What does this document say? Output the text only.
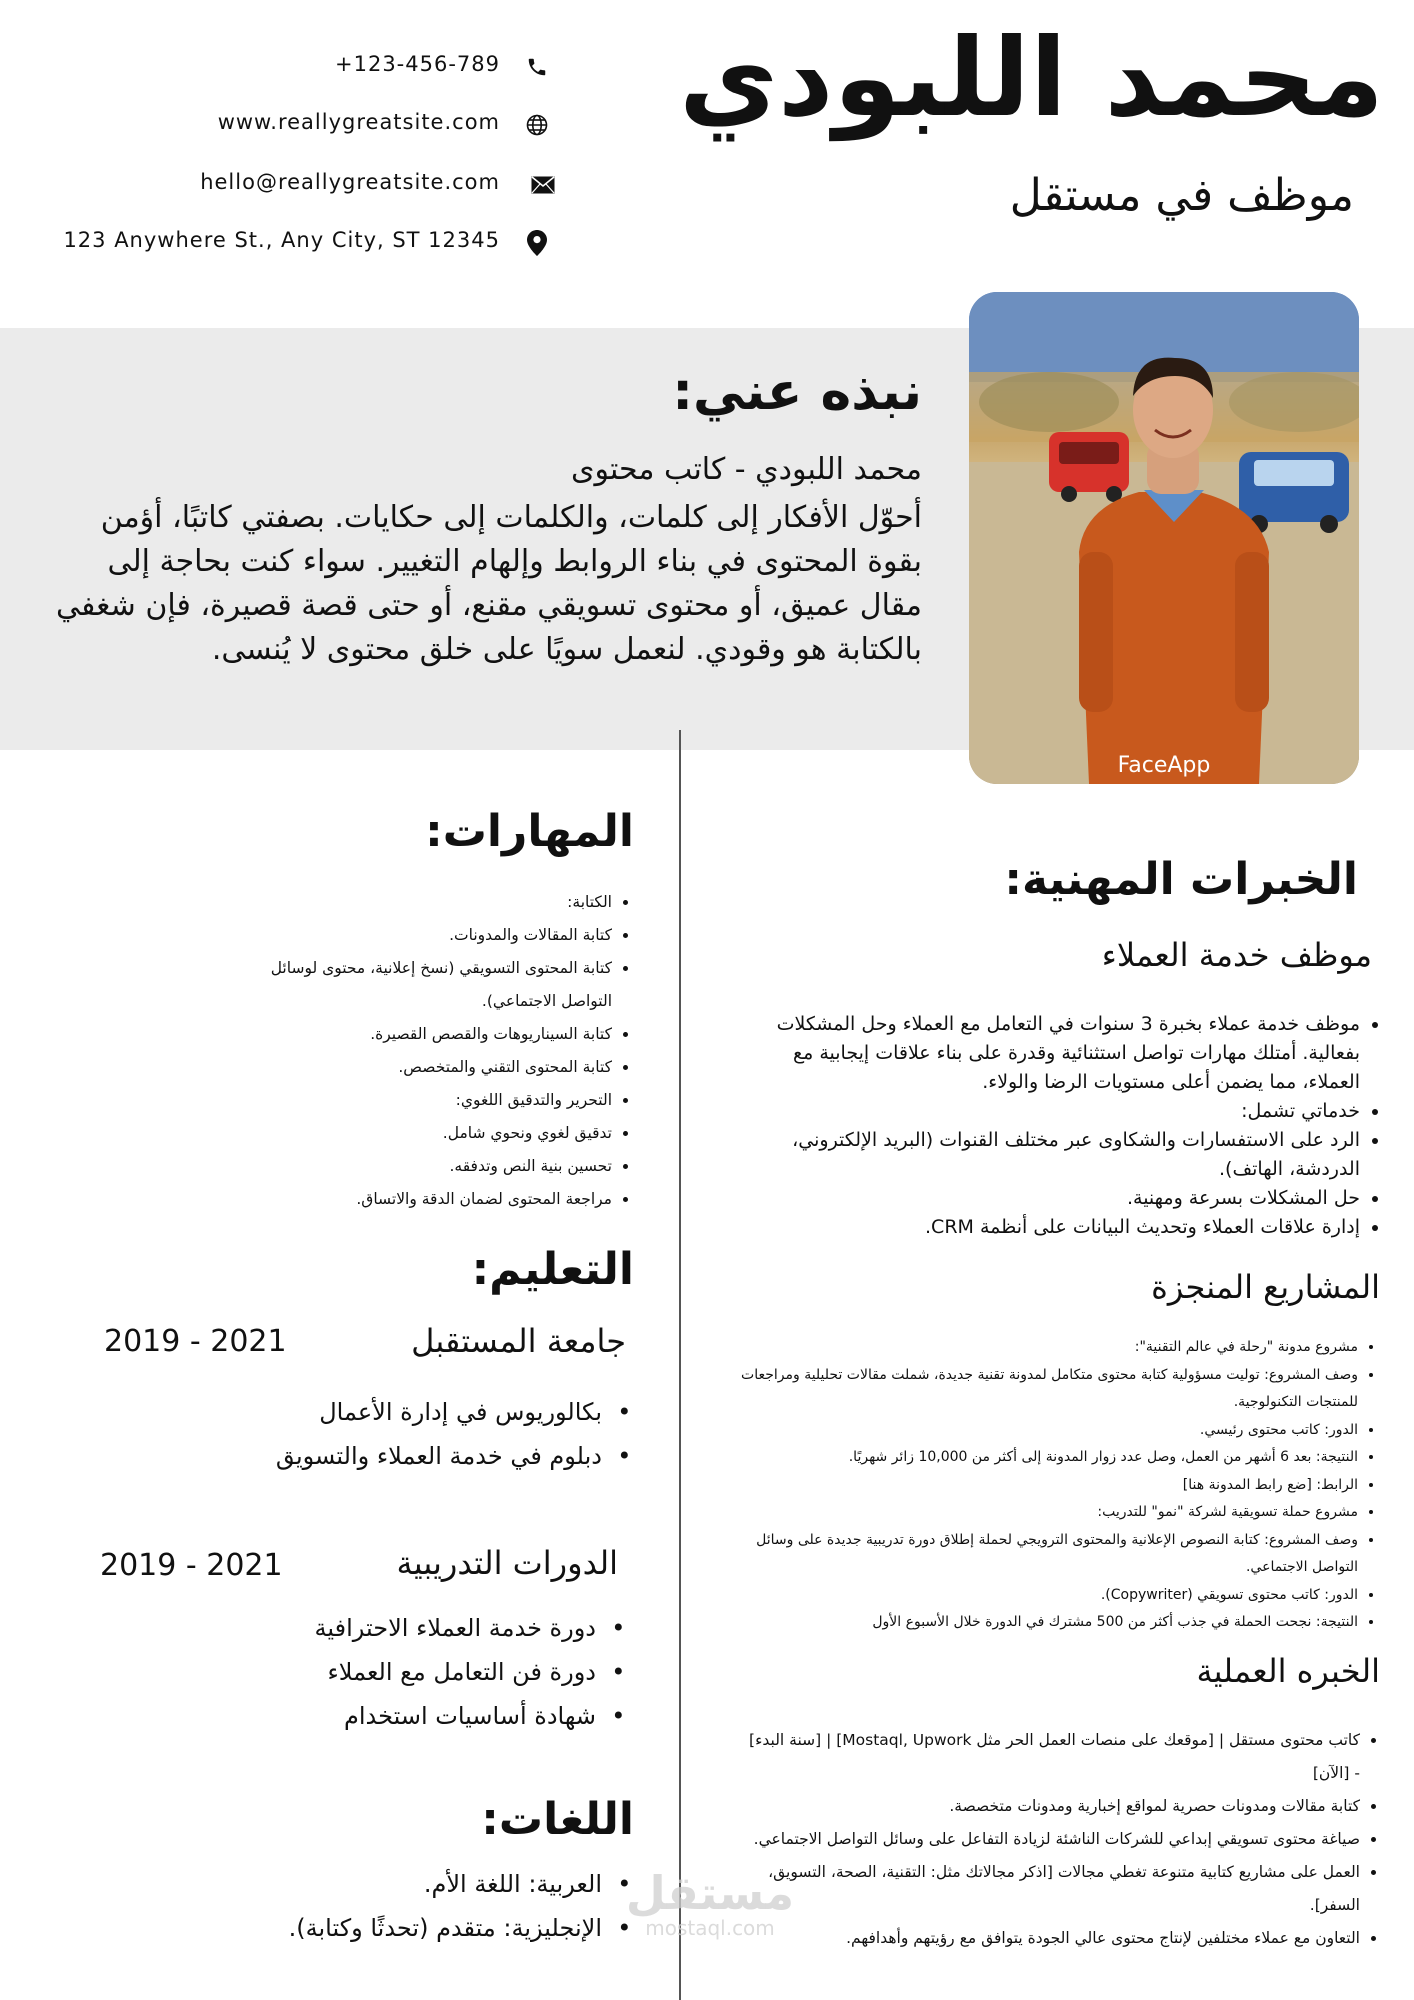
محمد اللبودي
موظف في مستقل
+123-456-789
www.reallygreatsite.com
hello@reallygreatsite.com
123 Anywhere St., Any City, ST 12345
FaceApp
نبذه عني:
محمد اللبودي - كاتب محتوى
أحوّل الأفكار إلى كلمات، والكلمات إلى حكايات. بصفتي كاتبًا، أؤمن بقوة المحتوى في بناء الروابط وإلهام التغيير. سواء كنت بحاجة إلى مقال عميق، أو محتوى تسويقي مقنع، أو حتى قصة قصيرة، فإن شغفي بالكتابة هو وقودي. لنعمل سويًا على خلق محتوى لا يُنسى.
المهارات:
• الكتابة:
• كتابة المقالات والمدونات.
• كتابة المحتوى التسويقي (نسخ إعلانية، محتوى لوسائل التواصل الاجتماعي).
• كتابة السيناريوهات والقصص القصيرة.
• كتابة المحتوى التقني والمتخصص.
• التحرير والتدقيق اللغوي:
• تدقيق لغوي ونحوي شامل.
• تحسين بنية النص وتدفقه.
• مراجعة المحتوى لضمان الدقة والاتساق.
التعليم:
جامعة المستقبل
2019 - 2021
• بكالوريوس في إدارة الأعمال
• دبلوم في خدمة العملاء والتسويق
الدورات التدريبية
2019 - 2021
• دورة خدمة العملاء الاحترافية
• دورة فن التعامل مع العملاء
• شهادة أساسيات استخدام
اللغات:
• العربية: اللغة الأم.
• الإنجليزية: متقدم (تحدثًا وكتابة).
الخبرات المهنية:
موظف خدمة العملاء
• موظف خدمة عملاء بخبرة 3 سنوات في التعامل مع العملاء وحل المشكلات بفعالية. أمتلك مهارات تواصل استثنائية وقدرة على بناء علاقات إيجابية مع العملاء، مما يضمن أعلى مستويات الرضا والولاء.
• خدماتي تشمل:
• الرد على الاستفسارات والشكاوى عبر مختلف القنوات (البريد الإلكتروني، الدردشة، الهاتف).
• حل المشكلات بسرعة ومهنية.
• إدارة علاقات العملاء وتحديث البيانات على أنظمة CRM.
المشاريع المنجزة
• مشروع مدونة "رحلة في عالم التقنية":
• وصف المشروع: توليت مسؤولية كتابة محتوى متكامل لمدونة تقنية جديدة، شملت مقالات تحليلية ومراجعات للمنتجات التكنولوجية.
• الدور: كاتب محتوى رئيسي.
• النتيجة: بعد 6 أشهر من العمل، وصل عدد زوار المدونة إلى أكثر من 10,000 زائر شهريًا.
• الرابط: [ضع رابط المدونة هنا]
• مشروع حملة تسويقية لشركة "نمو" للتدريب:
• وصف المشروع: كتابة النصوص الإعلانية والمحتوى الترويجي لحملة إطلاق دورة تدريبية جديدة على وسائل التواصل الاجتماعي.
• الدور: كاتب محتوى تسويقي (Copywriter).
• النتيجة: نجحت الحملة في جذب أكثر من 500 مشترك في الدورة خلال الأسبوع الأول
الخبره العملية
• كاتب محتوى مستقل | [موقعك على منصات العمل الحر مثل Mostaql, Upwork] | [سنة البدء] - [الآن]
• كتابة مقالات ومدونات حصرية لمواقع إخبارية ومدونات متخصصة.
• صياغة محتوى تسويقي إبداعي للشركات الناشئة لزيادة التفاعل على وسائل التواصل الاجتماعي.
• العمل على مشاريع كتابية متنوعة تغطي مجالات [اذكر مجالاتك مثل: التقنية، الصحة، التسويق، السفر].
• التعاون مع عملاء مختلفين لإنتاج محتوى عالي الجودة يتوافق مع رؤيتهم وأهدافهم.
مستقل
mostaql.com
